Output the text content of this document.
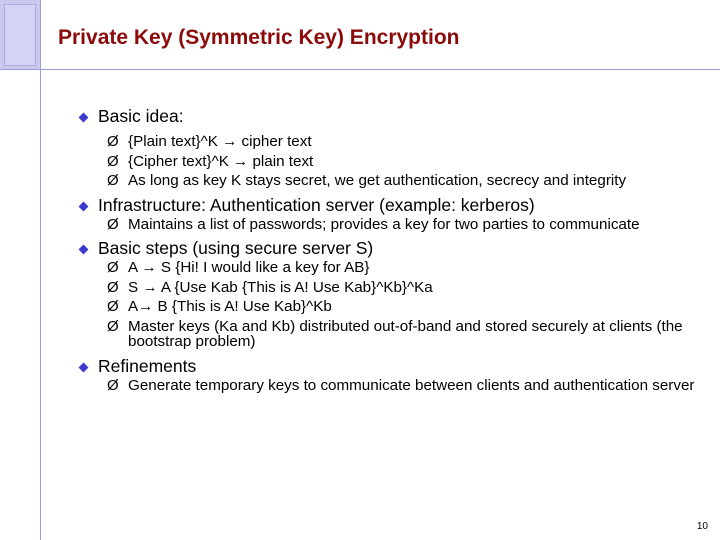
Private Key (Symmetric Key) Encryption
Basic idea:
Ø {Plain text}^K → cipher text
Ø {Cipher text}^K → plain text
Ø As long as key K stays secret, we get authentication, secrecy and integrity
Infrastructure: Authentication server (example: kerberos)
Ø Maintains a list of passwords; provides a key for two parties to communicate
Basic steps (using secure server S)
Ø A → S {Hi! I would like a key for AB}
Ø S → A {Use Kab {This is A! Use Kab}^Kb}^Ka
Ø A→ B {This is A! Use Kab}^Kb
Ø Master keys (Ka and Kb) distributed out-of-band and stored securely at clients (the bootstrap problem)
Refinements
Ø Generate temporary keys to communicate between clients and authentication server
10
